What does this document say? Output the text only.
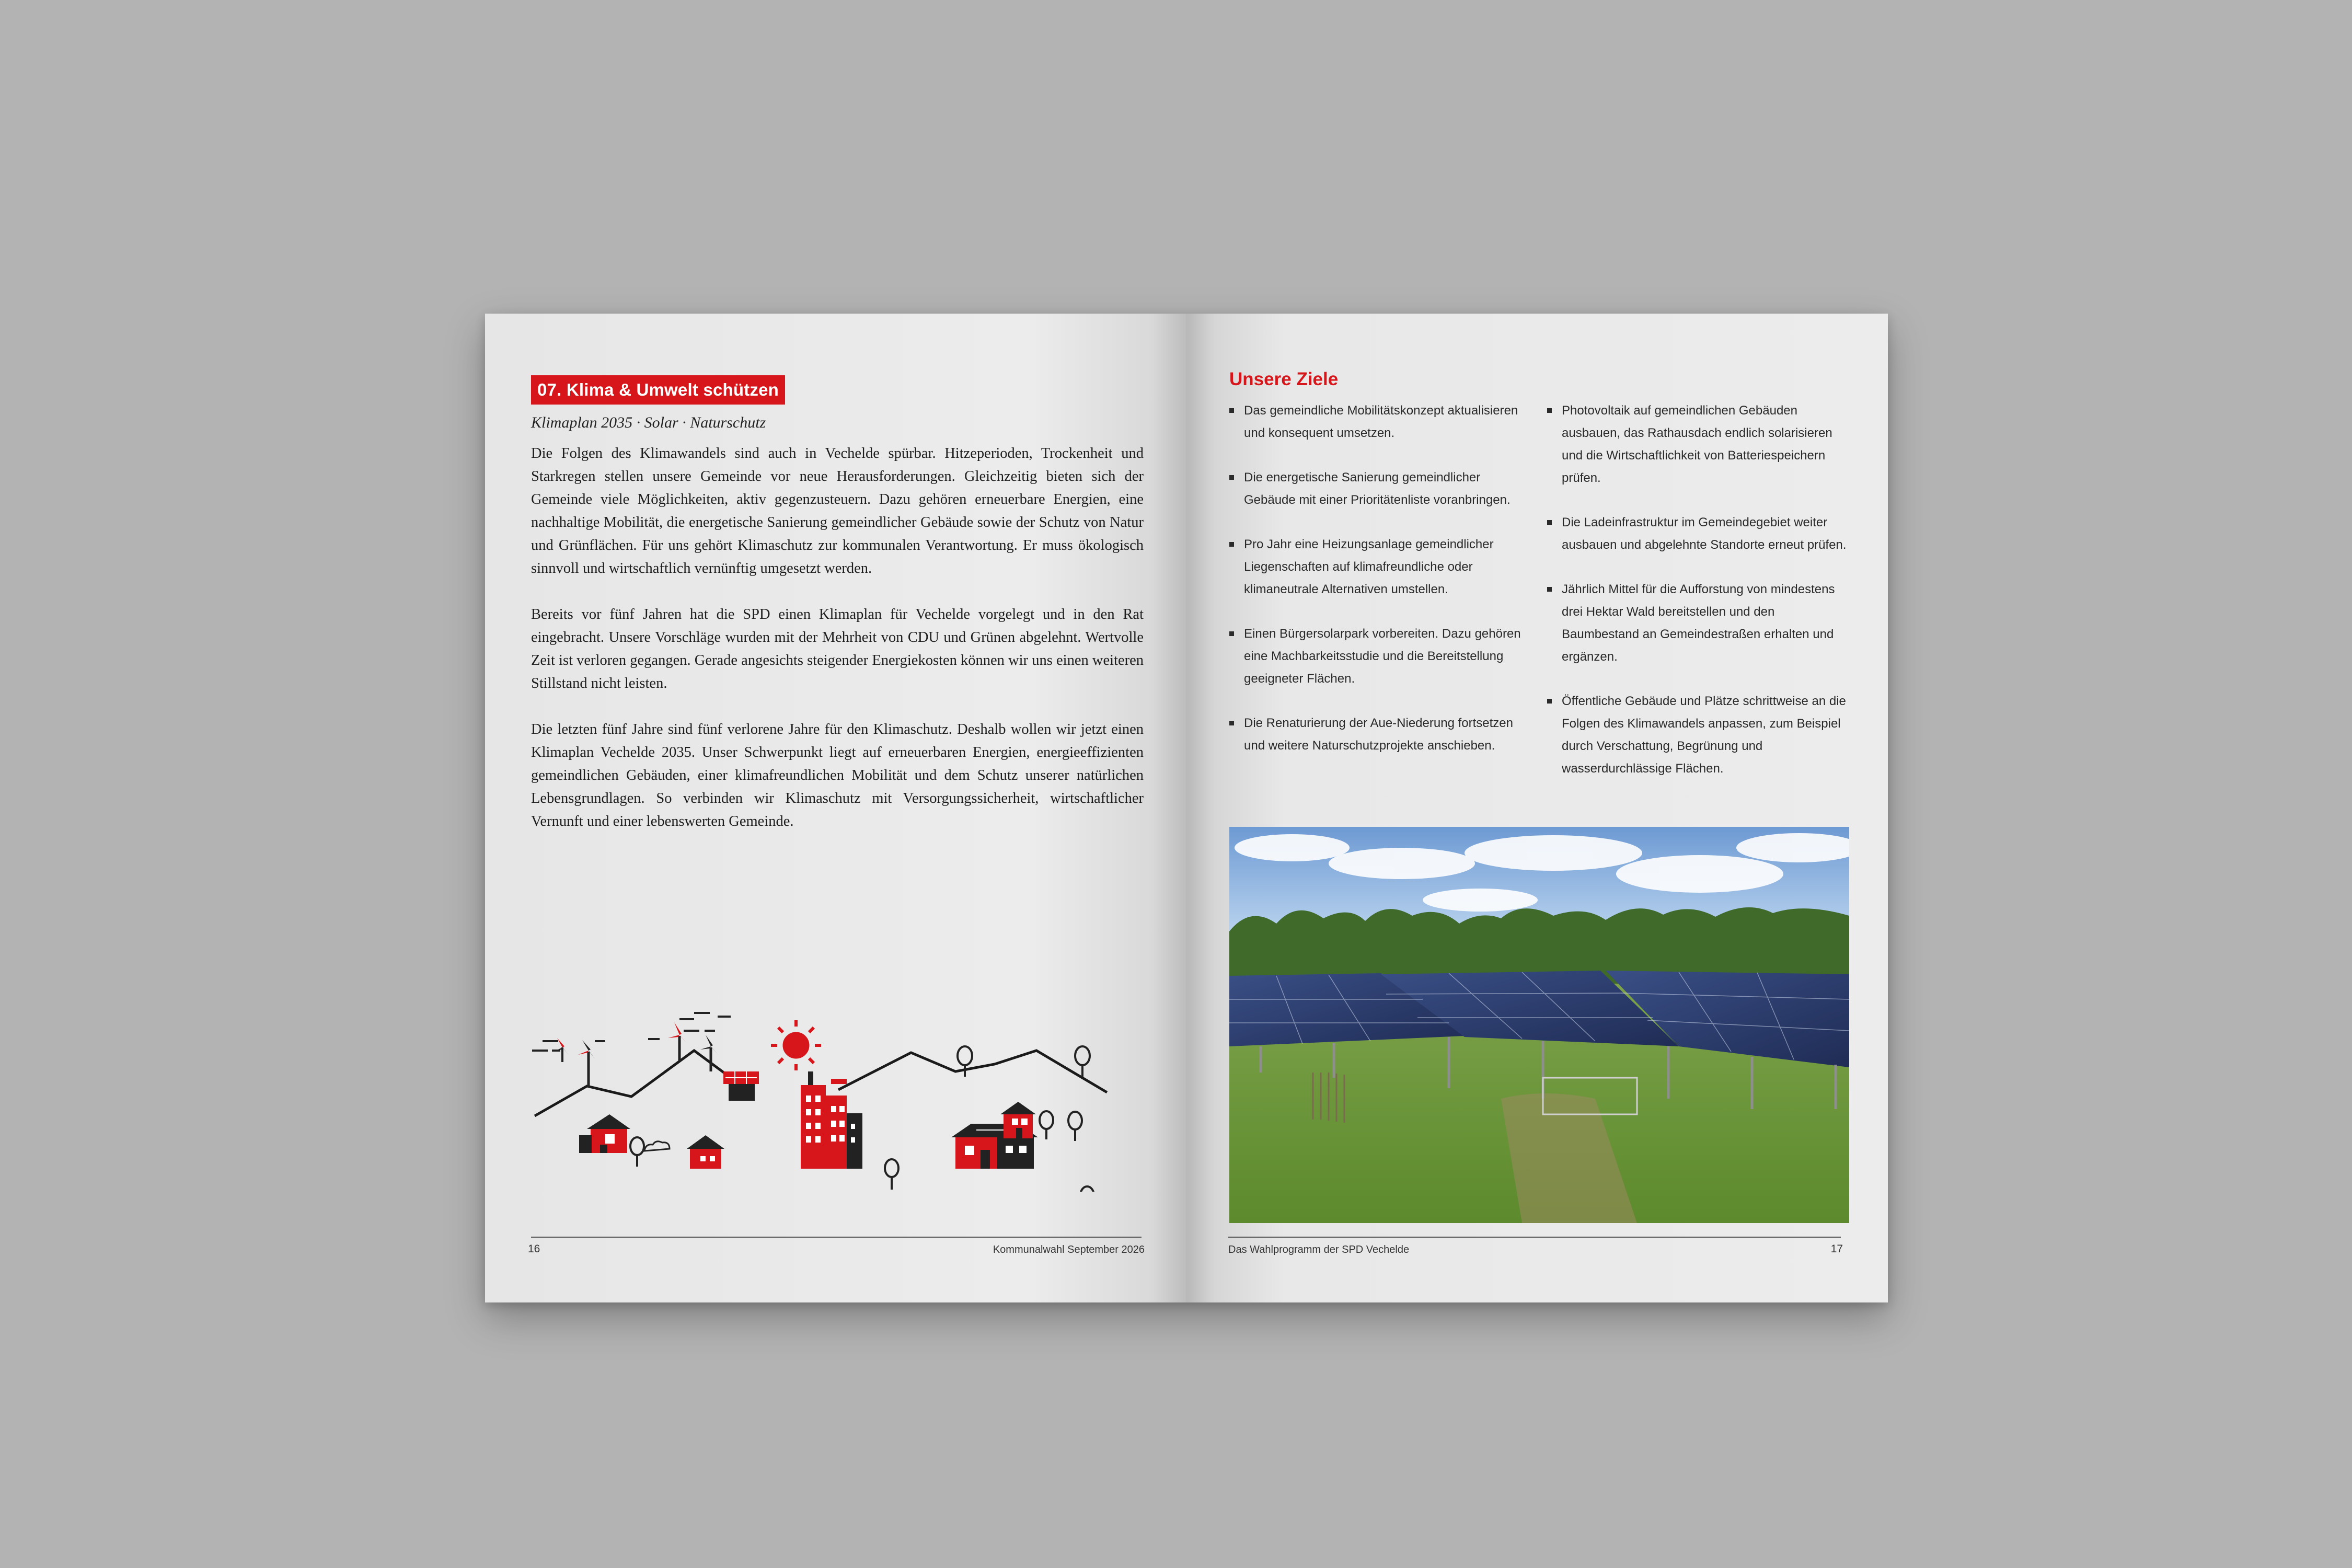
07. Klima & Umwelt schützen
Klimaplan 2035 · Solar · Naturschutz

Die Folgen des Klimawandels sind auch in Vechelde spürbar. Hitzeperioden, Trockenheit und Starkregen stellen unsere Gemeinde vor neue Herausforderungen. Gleichzeitig bieten sich der Gemeinde viele Möglichkeiten, aktiv gegenzusteuern. Dazu gehören erneuerbare Energien, eine nachhaltige Mobilität, die energetische Sanierung gemeindlicher Gebäude sowie der Schutz von Natur und Grünflächen. Für uns gehört Klimaschutz zur kommunalen Verantwortung. Er muss ökologisch sinnvoll und wirtschaftlich vernünftig umgesetzt werden.

Bereits vor fünf Jahren hat die SPD einen Klimaplan für Vechelde vorgelegt und in den Rat eingebracht. Unsere Vorschläge wurden mit der Mehrheit von CDU und Grünen abgelehnt. Wertvolle Zeit ist verloren gegangen. Gerade angesichts steigender Energiekosten können wir uns einen weiteren Stillstand nicht leisten.

Die letzten fünf Jahre sind fünf verlorene Jahre für den Klimaschutz. Deshalb wollen wir jetzt einen Klimaplan Vechelde 2035. Unser Schwerpunkt liegt auf erneuerbaren Energien, energieeffizienten gemeindlichen Gebäuden, einer klimafreundlichen Mobilität und dem Schutz unserer natürlichen Lebensgrundlagen. So verbinden wir Klimaschutz mit Versorgungssicherheit, wirtschaftlicher Vernunft und einer lebenswerten Gemeinde.

16	Kommunalwahl September 2026
Unsere Ziele
Das gemeindliche Mobilitätskonzept aktualisieren und konsequent umsetzen.
Die energetische Sanierung gemeindlicher Gebäude mit einer Prioritätenliste voranbringen.
Pro Jahr eine Heizungsanlage gemeindlicher Liegenschaften auf klimafreundliche oder klimaneutrale Alternativen umstellen.
Einen Bürgersolarpark vorbereiten. Dazu gehören eine Machbarkeitsstudie und die Bereitstellung geeigneter Flächen.
Die Renaturierung der Aue-Niederung fortsetzen und weitere Naturschutzprojekte anschieben.
Photovoltaik auf gemeindlichen Gebäuden ausbauen, das Rathausdach endlich solarisieren und die Wirtschaftlichkeit von Batteriespeichern prüfen.
Die Ladeinfrastruktur im Gemeindegebiet weiter ausbauen und abgelehnte Standorte erneut prüfen.
Jährlich Mittel für die Aufforstung von mindestens drei Hektar Wald bereitstellen und den Baumbestand an Gemeindestraßen erhalten und ergänzen.
Öffentliche Gebäude und Plätze schrittweise an die Folgen des Klimawandels anpassen, zum Beispiel durch Verschattung, Begrünung und wasserdurchlässige Flächen.
Das Wahlprogramm der SPD Vechelde	17
